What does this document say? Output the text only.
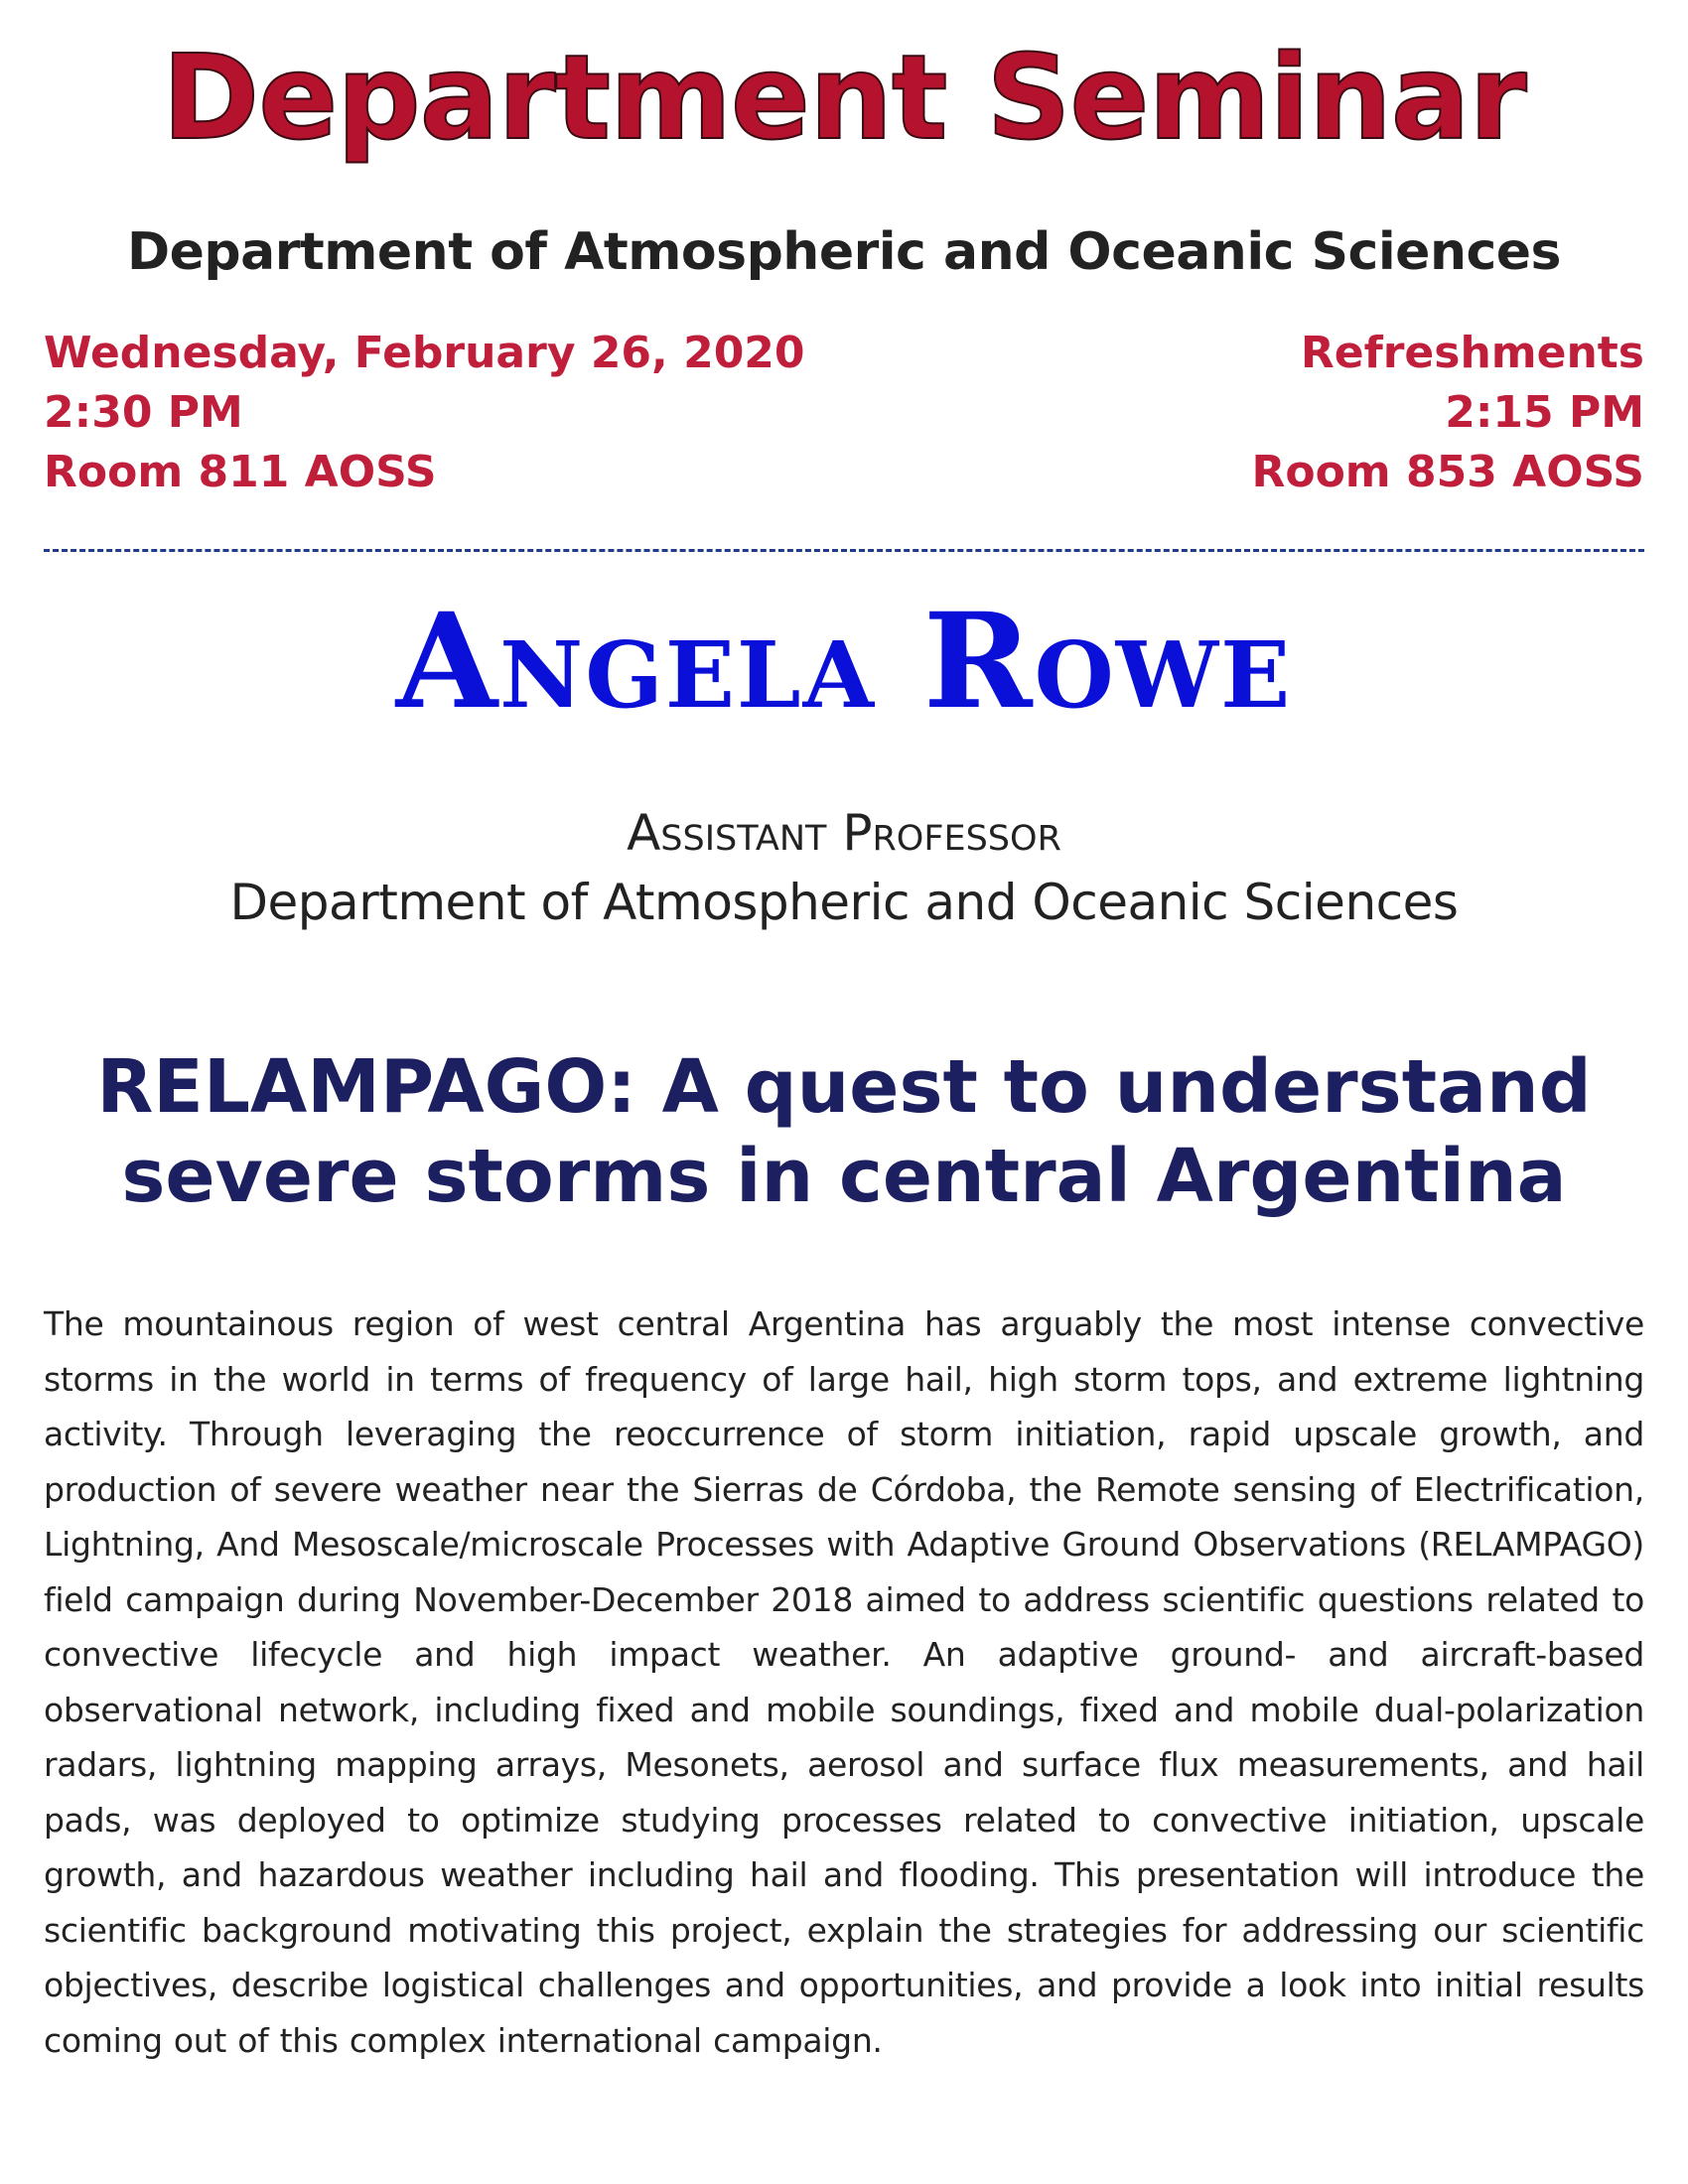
Department Seminar
Department of Atmospheric and Oceanic Sciences
Wednesday, February 26, 2020
2:30 PM
Room 811 AOSS
Refreshments
2:15 PM
Room 853 AOSS
Angela Rowe
Assistant Professor
Department of Atmospheric and Oceanic Sciences
RELAMPAGO: A quest to understand
severe storms in central Argentina
The mountainous region of west central Argentina has arguably the most intense convective storms in the world in terms of frequency of large hail, high storm tops, and extreme lightning activity. Through leveraging the reoccurrence of storm initiation, rapid upscale growth, and production of severe weather near the Sierras de Córdoba, the Remote sensing of Electrification, Lightning, And Mesoscale/microscale Processes with Adaptive Ground Observations (RELAMPAGO) field campaign during November-December 2018 aimed to address scientific questions related to convective lifecycle and high impact weather. An adaptive ground- and aircraft-based observational network, including fixed and mobile soundings, fixed and mobile dual-polarization radars, lightning mapping arrays, Mesonets, aerosol and surface flux measurements, and hail pads, was deployed to optimize studying processes related to convective initiation, upscale growth, and hazardous weather including hail and flooding. This presentation will introduce the scientific background motivating this project, explain the strategies for addressing our scientific objectives, describe logistical challenges and opportunities, and provide a look into initial results coming out of this complex international campaign.
